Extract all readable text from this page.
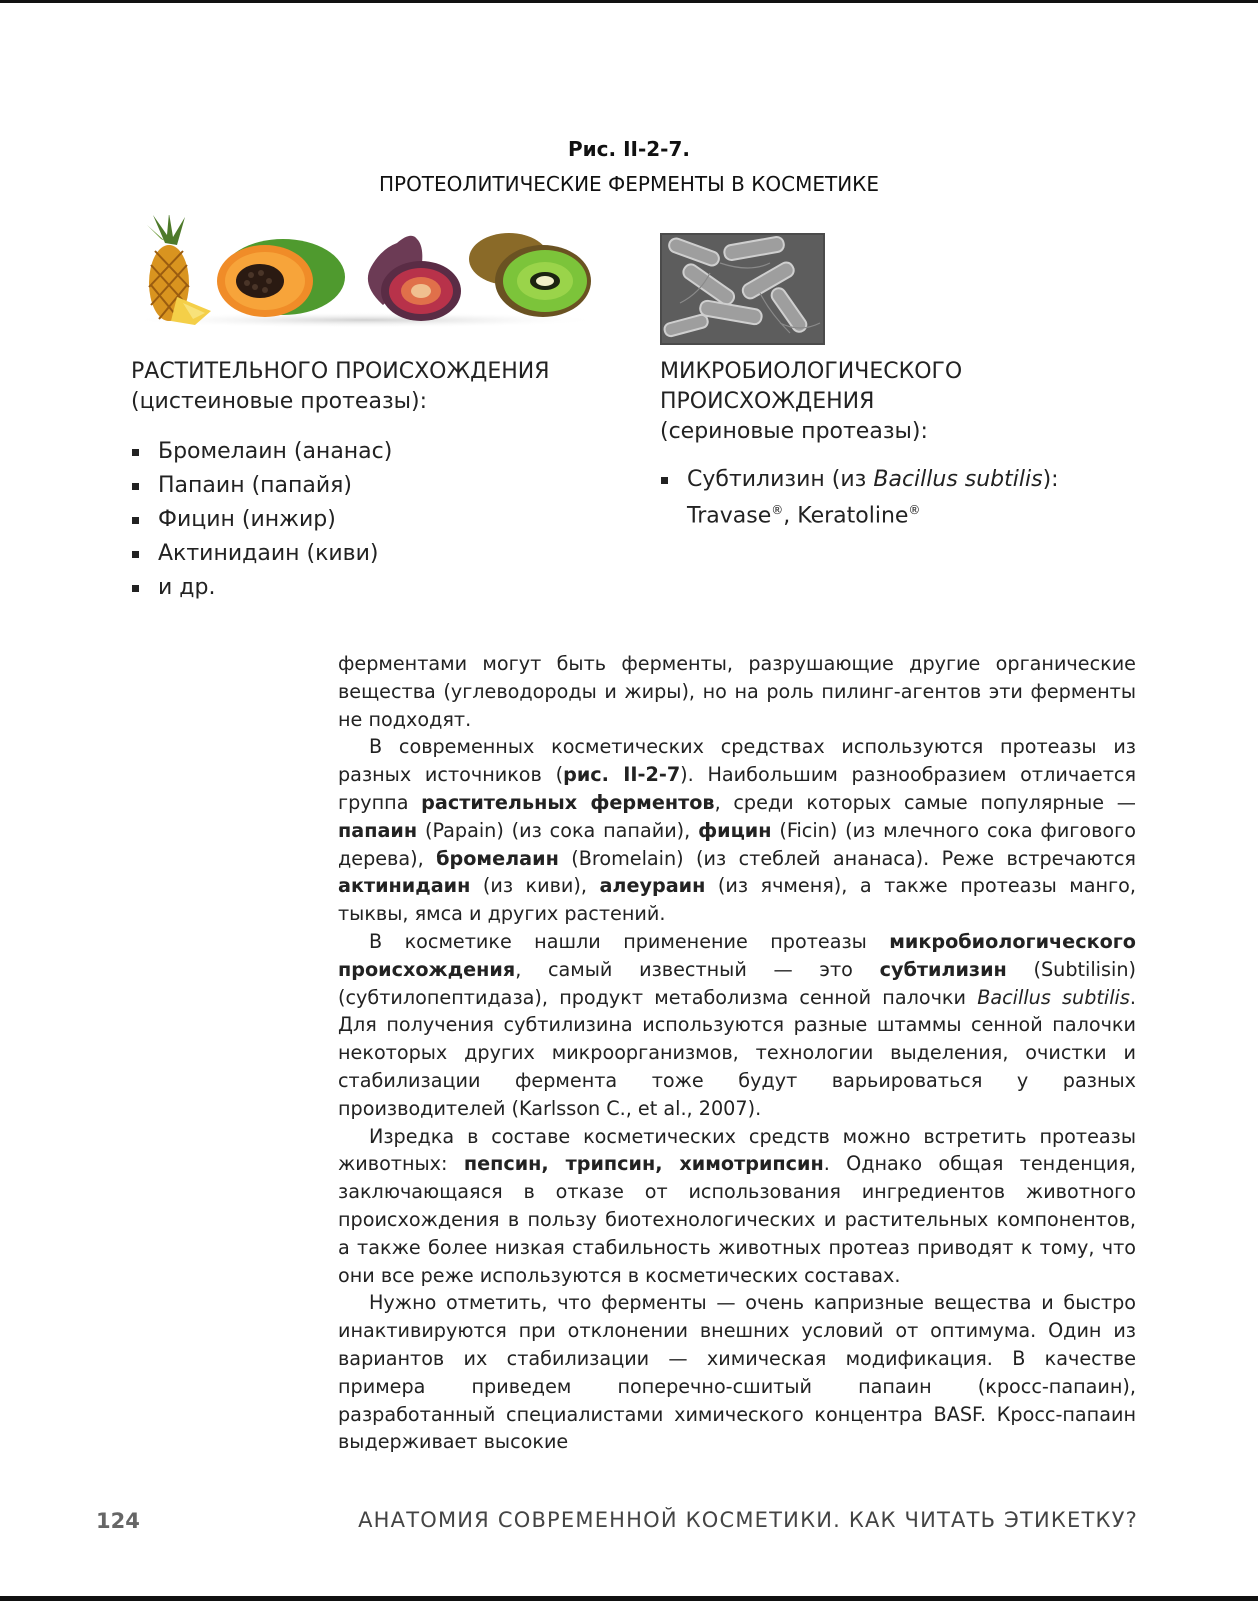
Рис. II-2-7.
ПРОТЕОЛИТИЧЕСКИЕ ФЕРМЕНТЫ В КОСМЕТИКЕ
РАСТИТЕЛЬНОГО ПРОИСХОЖДЕНИЯ
(цистеиновые протеазы):
Бромелаин (ананас)
Папаин (папайя)
Фицин (инжир)
Актинидаин (киви)
и др.
МИКРОБИОЛОГИЧЕСКОГО ПРОИСХОЖДЕНИЯ
(сериновые протеазы):
Субтилизин (из Bacillus subtilis):
Travase®, Keratoline®

ферментами могут быть ферменты, разрушающие другие органические вещества (углеводороды и жиры), но на роль пилинг-агентов эти ферменты не подходят.

В современных косметических средствах используются протеазы из разных источников (рис. II-2-7). Наибольшим разнообразием отличается группа растительных ферментов, среди которых самые популярные — папаин (Papain) (из сока папайи), фицин (Ficin) (из млечного сока фигового дерева), бромелаин (Bromelain) (из стеблей ананаса). Реже встречаются актинидаин (из киви), алеураин (из ячменя), а также протеазы манго, тыквы, ямса и других растений.

В косметике нашли применение протеазы микробиологического происхождения, самый известный — это субтилизин (Subtilisin) (субтилопептидаза), продукт метаболизма сенной палочки Bacillus subtilis. Для получения субтилизина используются разные штаммы сенной палочки некоторых других микроорганизмов, технологии выделения, очистки и стабилизации фермента тоже будут варьироваться у разных производителей (Karlsson C., et al., 2007).

Изредка в составе косметических средств можно встретить протеазы животных: пепсин, трипсин, химотрипсин. Однако общая тенденция, заключающаяся в отказе от использования ингредиентов животного происхождения в пользу биотехнологических и растительных компонентов, а также более низкая стабильность животных протеаз приводят к тому, что они все реже используются в косметических составах.

Нужно отметить, что ферменты — очень капризные вещества и быстро инактивируются при отклонении внешних условий от оптимума. Один из вариантов их стабилизации — химическая модификация. В качестве примера приведем поперечно-сшитый папаин (кросс-папаин), разработанный специалистами химического концентра BASF. Кросс-папаин выдерживает высокие

124	АНАТОМИЯ СОВРЕМЕННОЙ КОСМЕТИКИ. КАК ЧИТАТЬ ЭТИКЕТКУ?
